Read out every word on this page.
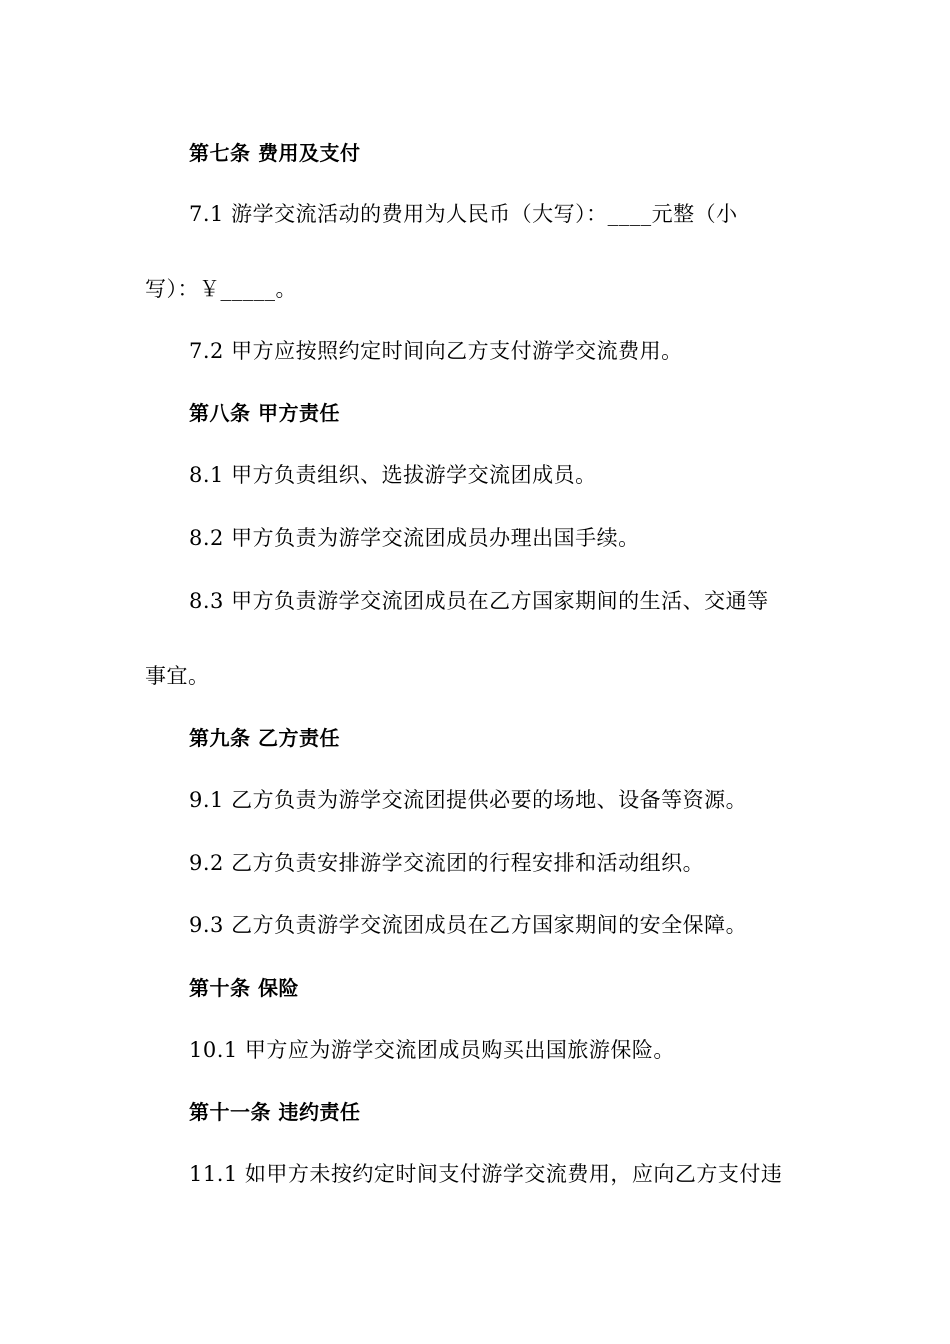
第七条 费用及支付
7.1 游学交流活动的费用为人民币（大写）：____元整（小
写）：￥_____。
7.2 甲方应按照约定时间向乙方支付游学交流费用。
第八条 甲方责任
8.1 甲方负责组织、选拔游学交流团成员。
8.2 甲方负责为游学交流团成员办理出国手续。
8.3 甲方负责游学交流团成员在乙方国家期间的生活、交通等
事宜。
第九条 乙方责任
9.1 乙方负责为游学交流团提供必要的场地、设备等资源。
9.2 乙方负责安排游学交流团的行程安排和活动组织。
9.3 乙方负责游学交流团成员在乙方国家期间的安全保障。
第十条 保险
10.1 甲方应为游学交流团成员购买出国旅游保险。
第十一条 违约责任
11.1 如甲方未按约定时间支付游学交流费用，应向乙方支付违
